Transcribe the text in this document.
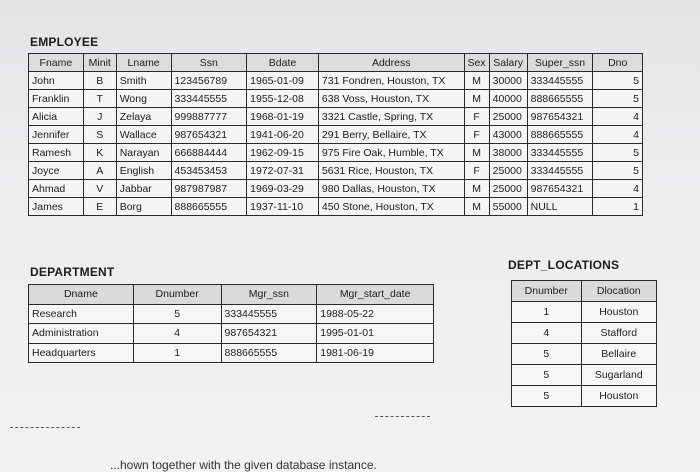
EMPLOYEE
Fname	Minit	Lname	Ssn	Bdate	Address	Sex	Salary	Super_ssn	Dno
John	B	Smith	123456789	1965-01-09	731 Fondren, Houston, TX	M	30000	333445555	5
Franklin	T	Wong	333445555	1955-12-08	638 Voss, Houston, TX	M	40000	888665555	5
Alicia	J	Zelaya	999887777	1968-01-19	3321 Castle, Spring, TX	F	25000	987654321	4
Jennifer	S	Wallace	987654321	1941-06-20	291 Berry, Bellaire, TX	F	43000	888665555	4
Ramesh	K	Narayan	666884444	1962-09-15	975 Fire Oak, Humble, TX	M	38000	333445555	5
Joyce	A	English	453453453	1972-07-31	5631 Rice, Houston, TX	F	25000	333445555	5
Ahmad	V	Jabbar	987987987	1969-03-29	980 Dallas, Houston, TX	M	25000	987654321	4
James	E	Borg	888665555	1937-11-10	450 Stone, Houston, TX	M	55000	NULL	1
DEPARTMENT
Dname	Dnumber	Mgr_ssn	Mgr_start_date
Research	5	333445555	1988-05-22
Administration	4	987654321	1995-01-01
Headquarters	1	888665555	1981-06-19
DEPT_LOCATIONS
Dnumber	Dlocation
1	Houston
4	Stafford
5	Bellaire
5	Sugarland
5	Houston
...hown together with the given database instance.
